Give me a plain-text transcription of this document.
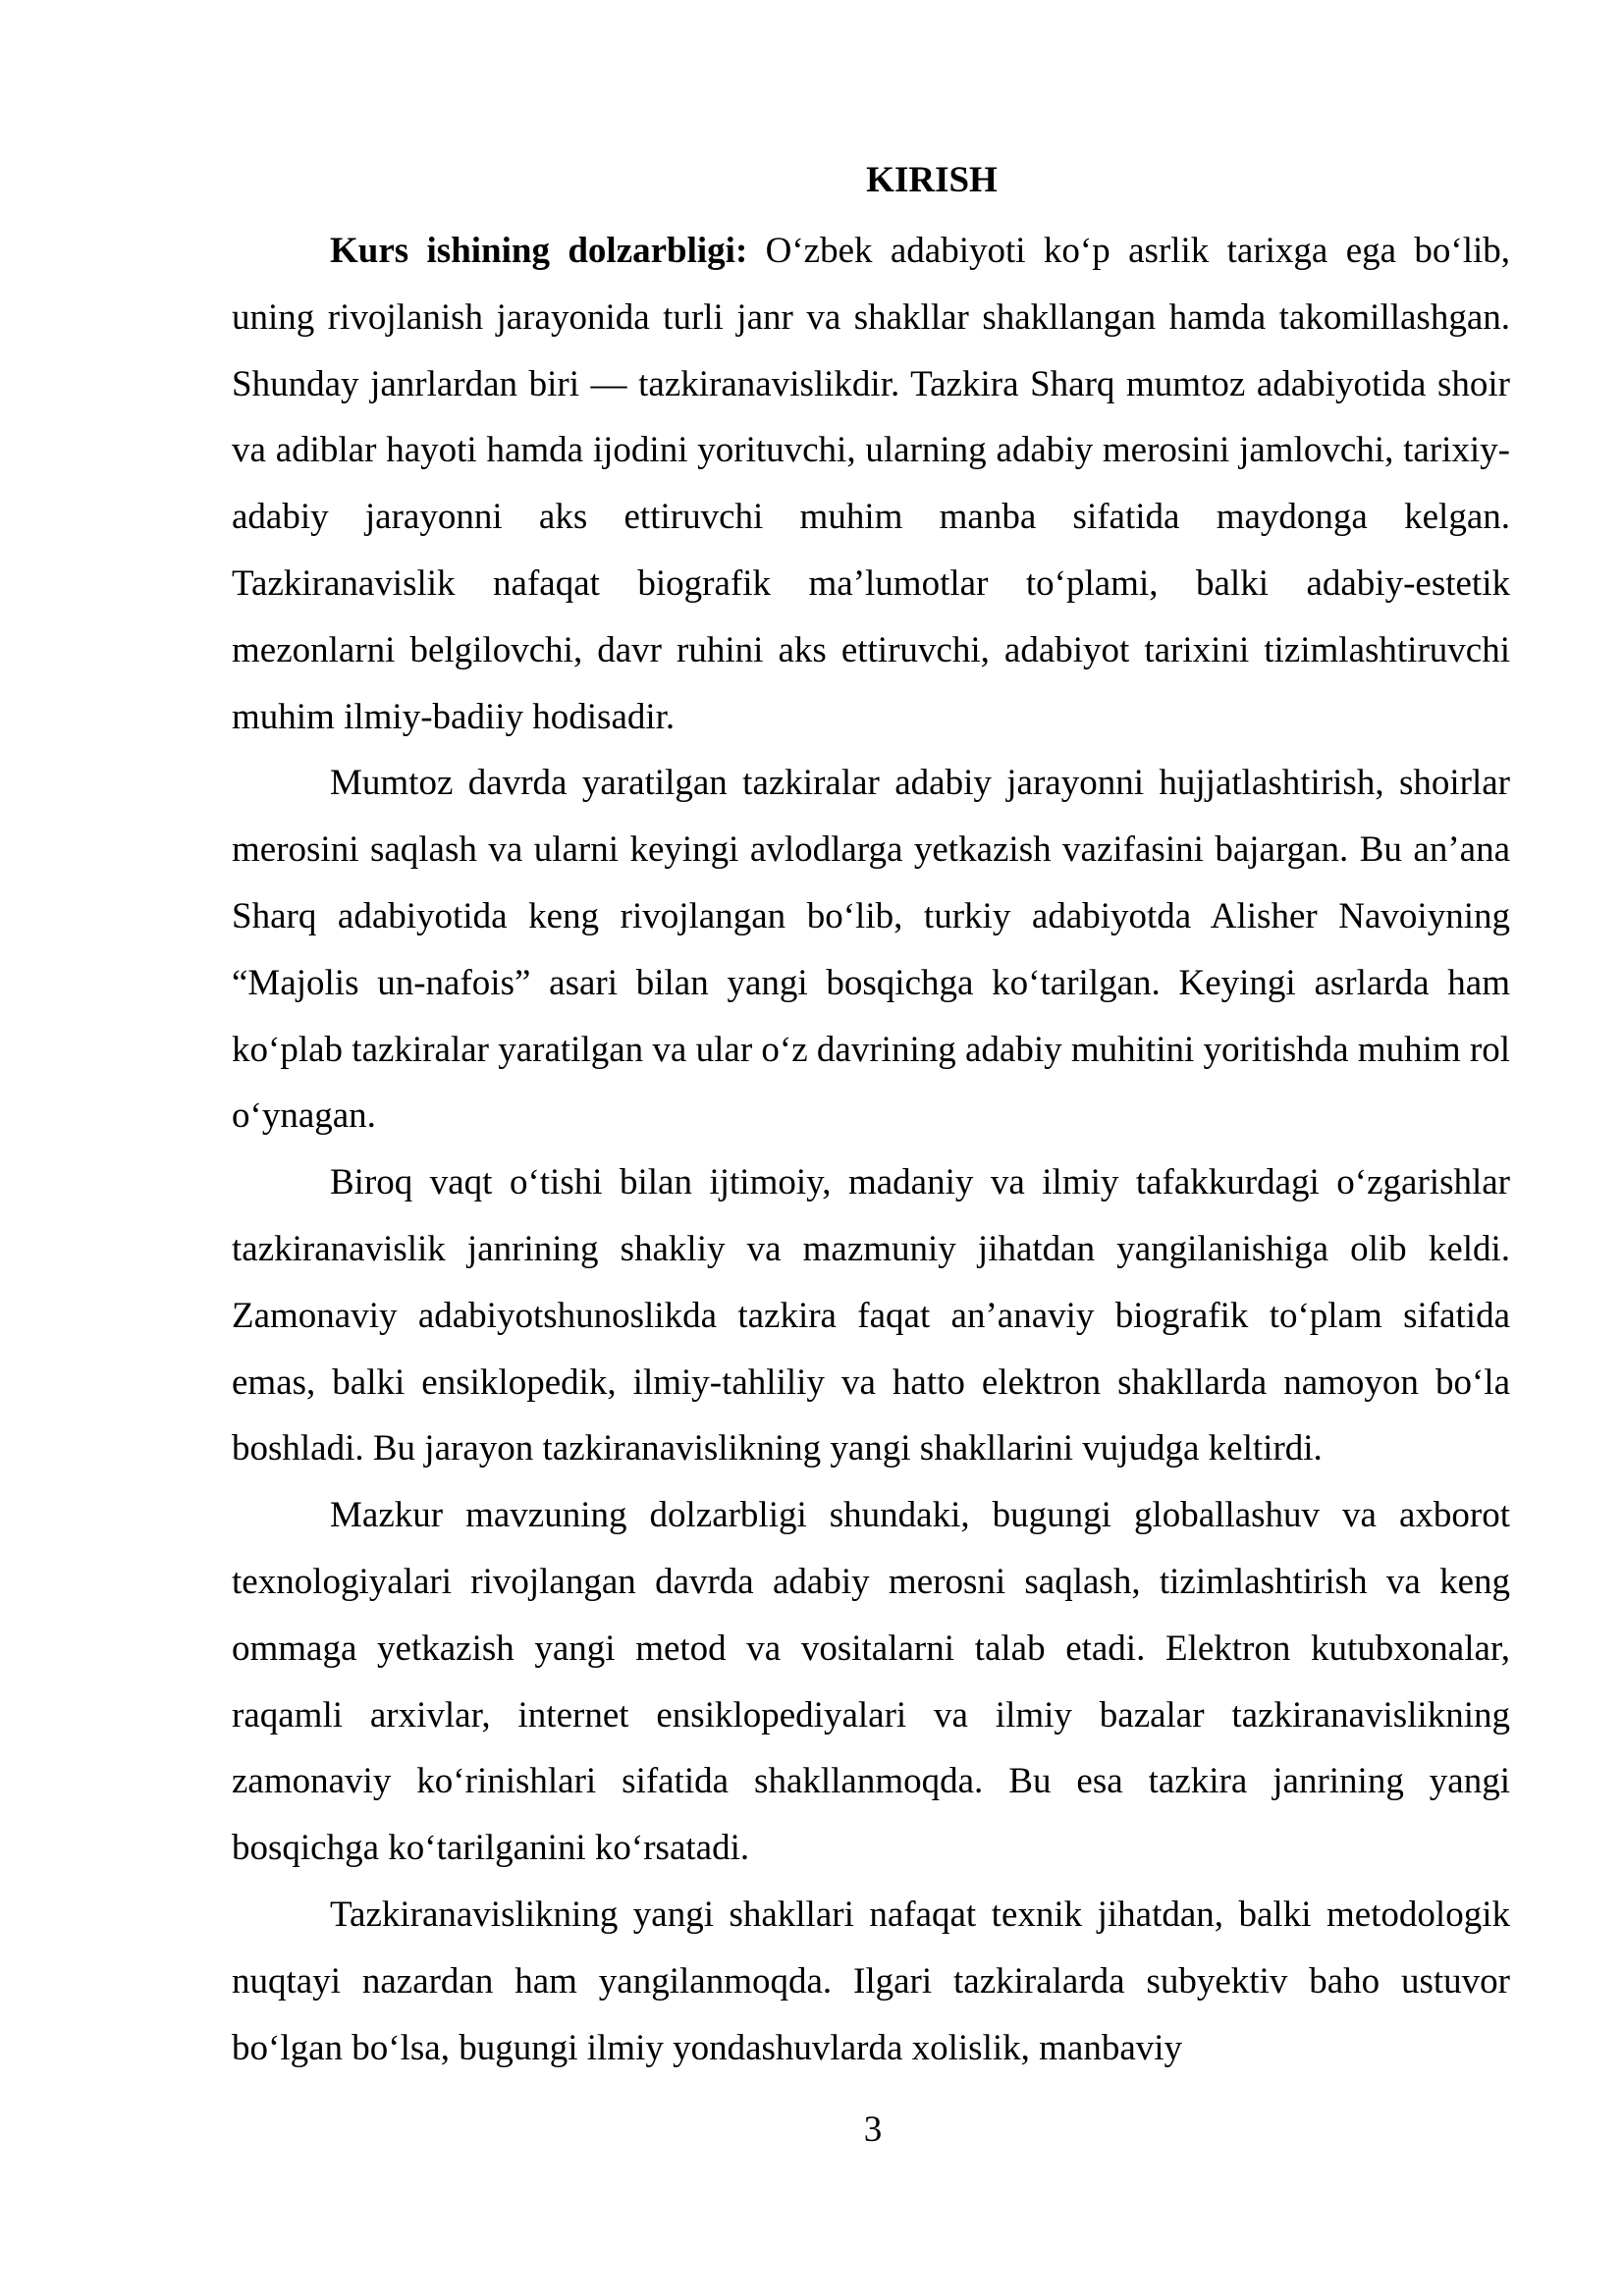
KIRISH

Kurs ishining dolzarbligi: O‘zbek adabiyoti ko‘p asrlik tarixga ega bo‘lib, uning rivojlanish jarayonida turli janr va shakllar shakllangan hamda takomillashgan. Shunday janrlardan biri — tazkiranavislikdir. Tazkira Sharq mumtoz adabiyotida shoir va adiblar hayoti hamda ijodini yorituvchi, ularning adabiy merosini jamlovchi, tarixiy-adabiy jarayonni aks ettiruvchi muhim manba sifatida maydonga kelgan. Tazkiranavislik nafaqat biografik ma’lumotlar to‘plami, balki adabiy-estetik mezonlarni belgilovchi, davr ruhini aks ettiruvchi, adabiyot tarixini tizimlashtiruvchi muhim ilmiy-badiiy hodisadir.

Mumtoz davrda yaratilgan tazkiralar adabiy jarayonni hujjatlashtirish, shoirlar merosini saqlash va ularni keyingi avlodlarga yetkazish vazifasini bajargan. Bu an’ana Sharq adabiyotida keng rivojlangan bo‘lib, turkiy adabiyotda Alisher Navoiyning “Majolis un-nafois” asari bilan yangi bosqichga ko‘tarilgan. Keyingi asrlarda ham ko‘plab tazkiralar yaratilgan va ular o‘z davrining adabiy muhitini yoritishda muhim rol o‘ynagan.

Biroq vaqt o‘tishi bilan ijtimoiy, madaniy va ilmiy tafakkurdagi o‘zgarishlar tazkiranavislik janrining shakliy va mazmuniy jihatdan yangilanishiga olib keldi. Zamonaviy adabiyotshunoslikda tazkira faqat an’anaviy biografik to‘plam sifatida emas, balki ensiklopedik, ilmiy-tahliliy va hatto elektron shakllarda namoyon bo‘la boshladi. Bu jarayon tazkiranavislikning yangi shakllarini vujudga keltirdi.

Mazkur mavzuning dolzarbligi shundaki, bugungi globallashuv va axborot texnologiyalari rivojlangan davrda adabiy merosni saqlash, tizimlashtirish va keng ommaga yetkazish yangi metod va vositalarni talab etadi. Elektron kutubxonalar, raqamli arxivlar, internet ensiklopediyalari va ilmiy bazalar tazkiranavislikning zamonaviy ko‘rinishlari sifatida shakllanmoqda. Bu esa tazkira janrining yangi bosqichga ko‘tarilganini ko‘rsatadi.

Tazkiranavislikning yangi shakllari nafaqat texnik jihatdan, balki metodologik nuqtayi nazardan ham yangilanmoqda. Ilgari tazkiralarda subyektiv baho ustuvor bo‘lgan bo‘lsa, bugungi ilmiy yondashuvlarda xolislik, manbaviy

3
